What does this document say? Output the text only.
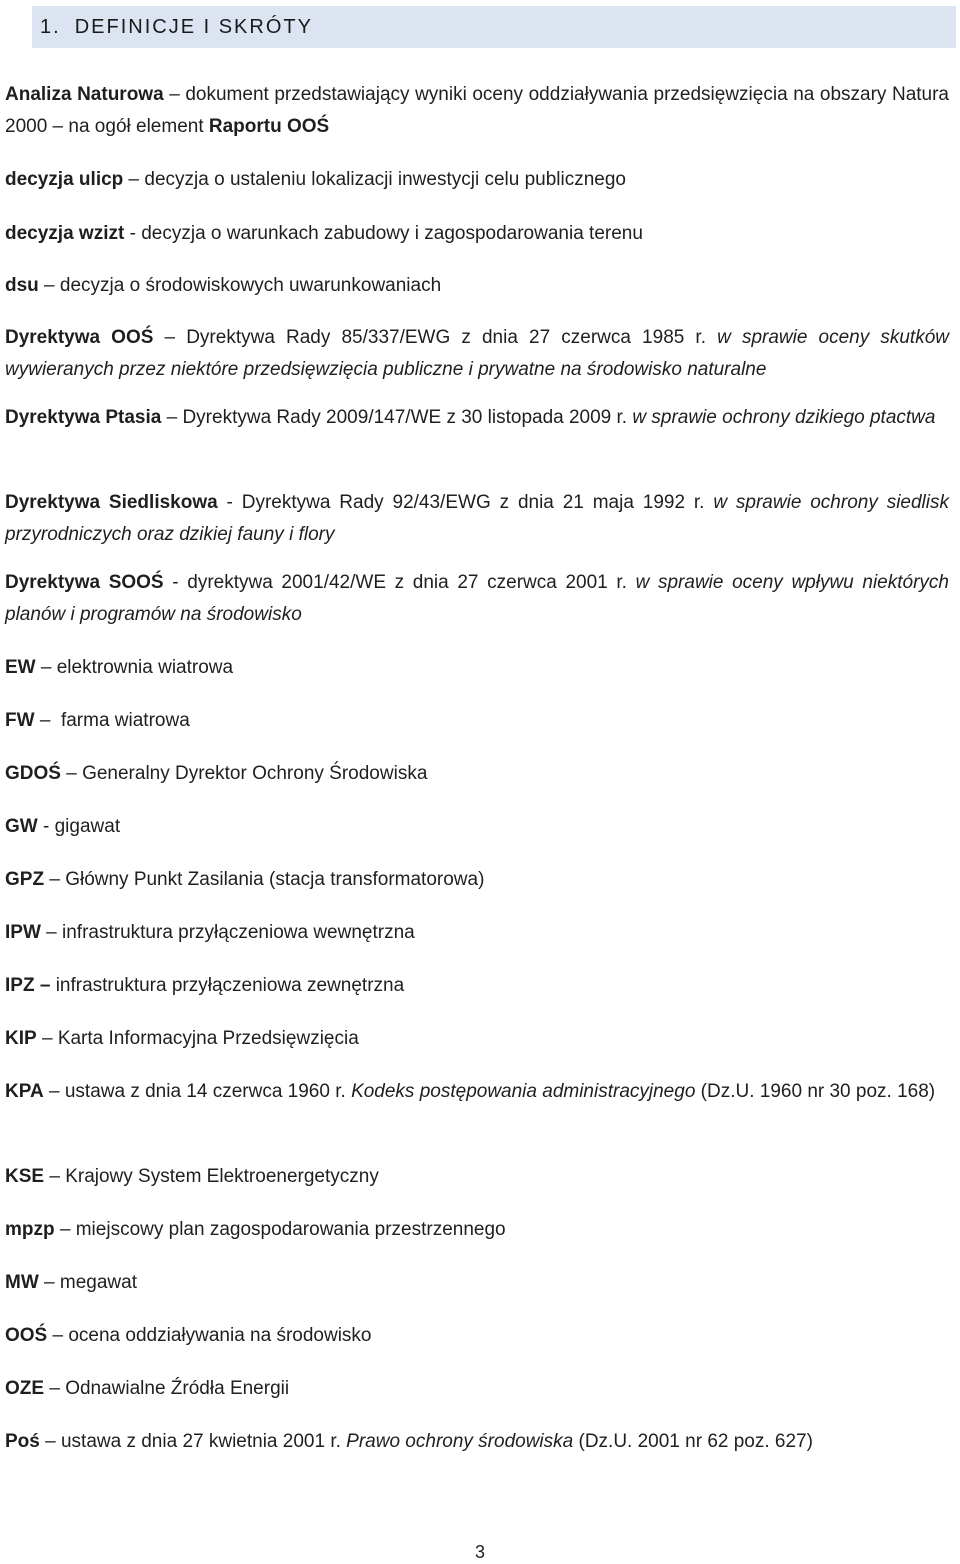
1. DEFINICJE I SKRÓTY

Analiza Naturowa – dokument przedstawiający wyniki oceny oddziaływania przedsięwzięcia na obszary Natura 2000 – na ogół element Raportu OOŚ

decyzja ulicp – decyzja o ustaleniu lokalizacji inwestycji celu publicznego

decyzja wzizt - decyzja o warunkach zabudowy i zagospodarowania terenu

dsu – decyzja o środowiskowych uwarunkowaniach

Dyrektywa OOŚ – Dyrektywa Rady 85/337/EWG z dnia 27 czerwca 1985 r. w sprawie oceny skutków wywieranych przez niektóre przedsięwzięcia publiczne i prywatne na środowisko naturalne

Dyrektywa Ptasia – Dyrektywa Rady 2009/147/WE z 30 listopada 2009 r. w sprawie ochrony dzikiego ptactwa

Dyrektywa Siedliskowa - Dyrektywa Rady 92/43/EWG z dnia 21 maja 1992 r. w sprawie ochrony siedlisk przyrodniczych oraz dzikiej fauny i flory

Dyrektywa SOOŚ - dyrektywa 2001/42/WE z dnia 27 czerwca 2001 r. w sprawie oceny wpływu niektórych planów i programów na środowisko

EW – elektrownia wiatrowa

FW –  farma wiatrowa

GDOŚ – Generalny Dyrektor Ochrony Środowiska

GW - gigawat

GPZ – Główny Punkt Zasilania (stacja transformatorowa)

IPW – infrastruktura przyłączeniowa wewnętrzna

IPZ – infrastruktura przyłączeniowa zewnętrzna

KIP – Karta Informacyjna Przedsięwzięcia

KPA – ustawa z dnia 14 czerwca 1960 r. Kodeks postępowania administracyjnego (Dz.U. 1960 nr 30 poz. 168)

KSE – Krajowy System Elektroenergetyczny

mpzp – miejscowy plan zagospodarowania przestrzennego

MW – megawat

OOŚ – ocena oddziaływania na środowisko

OZE – Odnawialne Źródła Energii

Poś – ustawa z dnia 27 kwietnia 2001 r. Prawo ochrony środowiska (Dz.U. 2001 nr 62 poz. 627)

3
